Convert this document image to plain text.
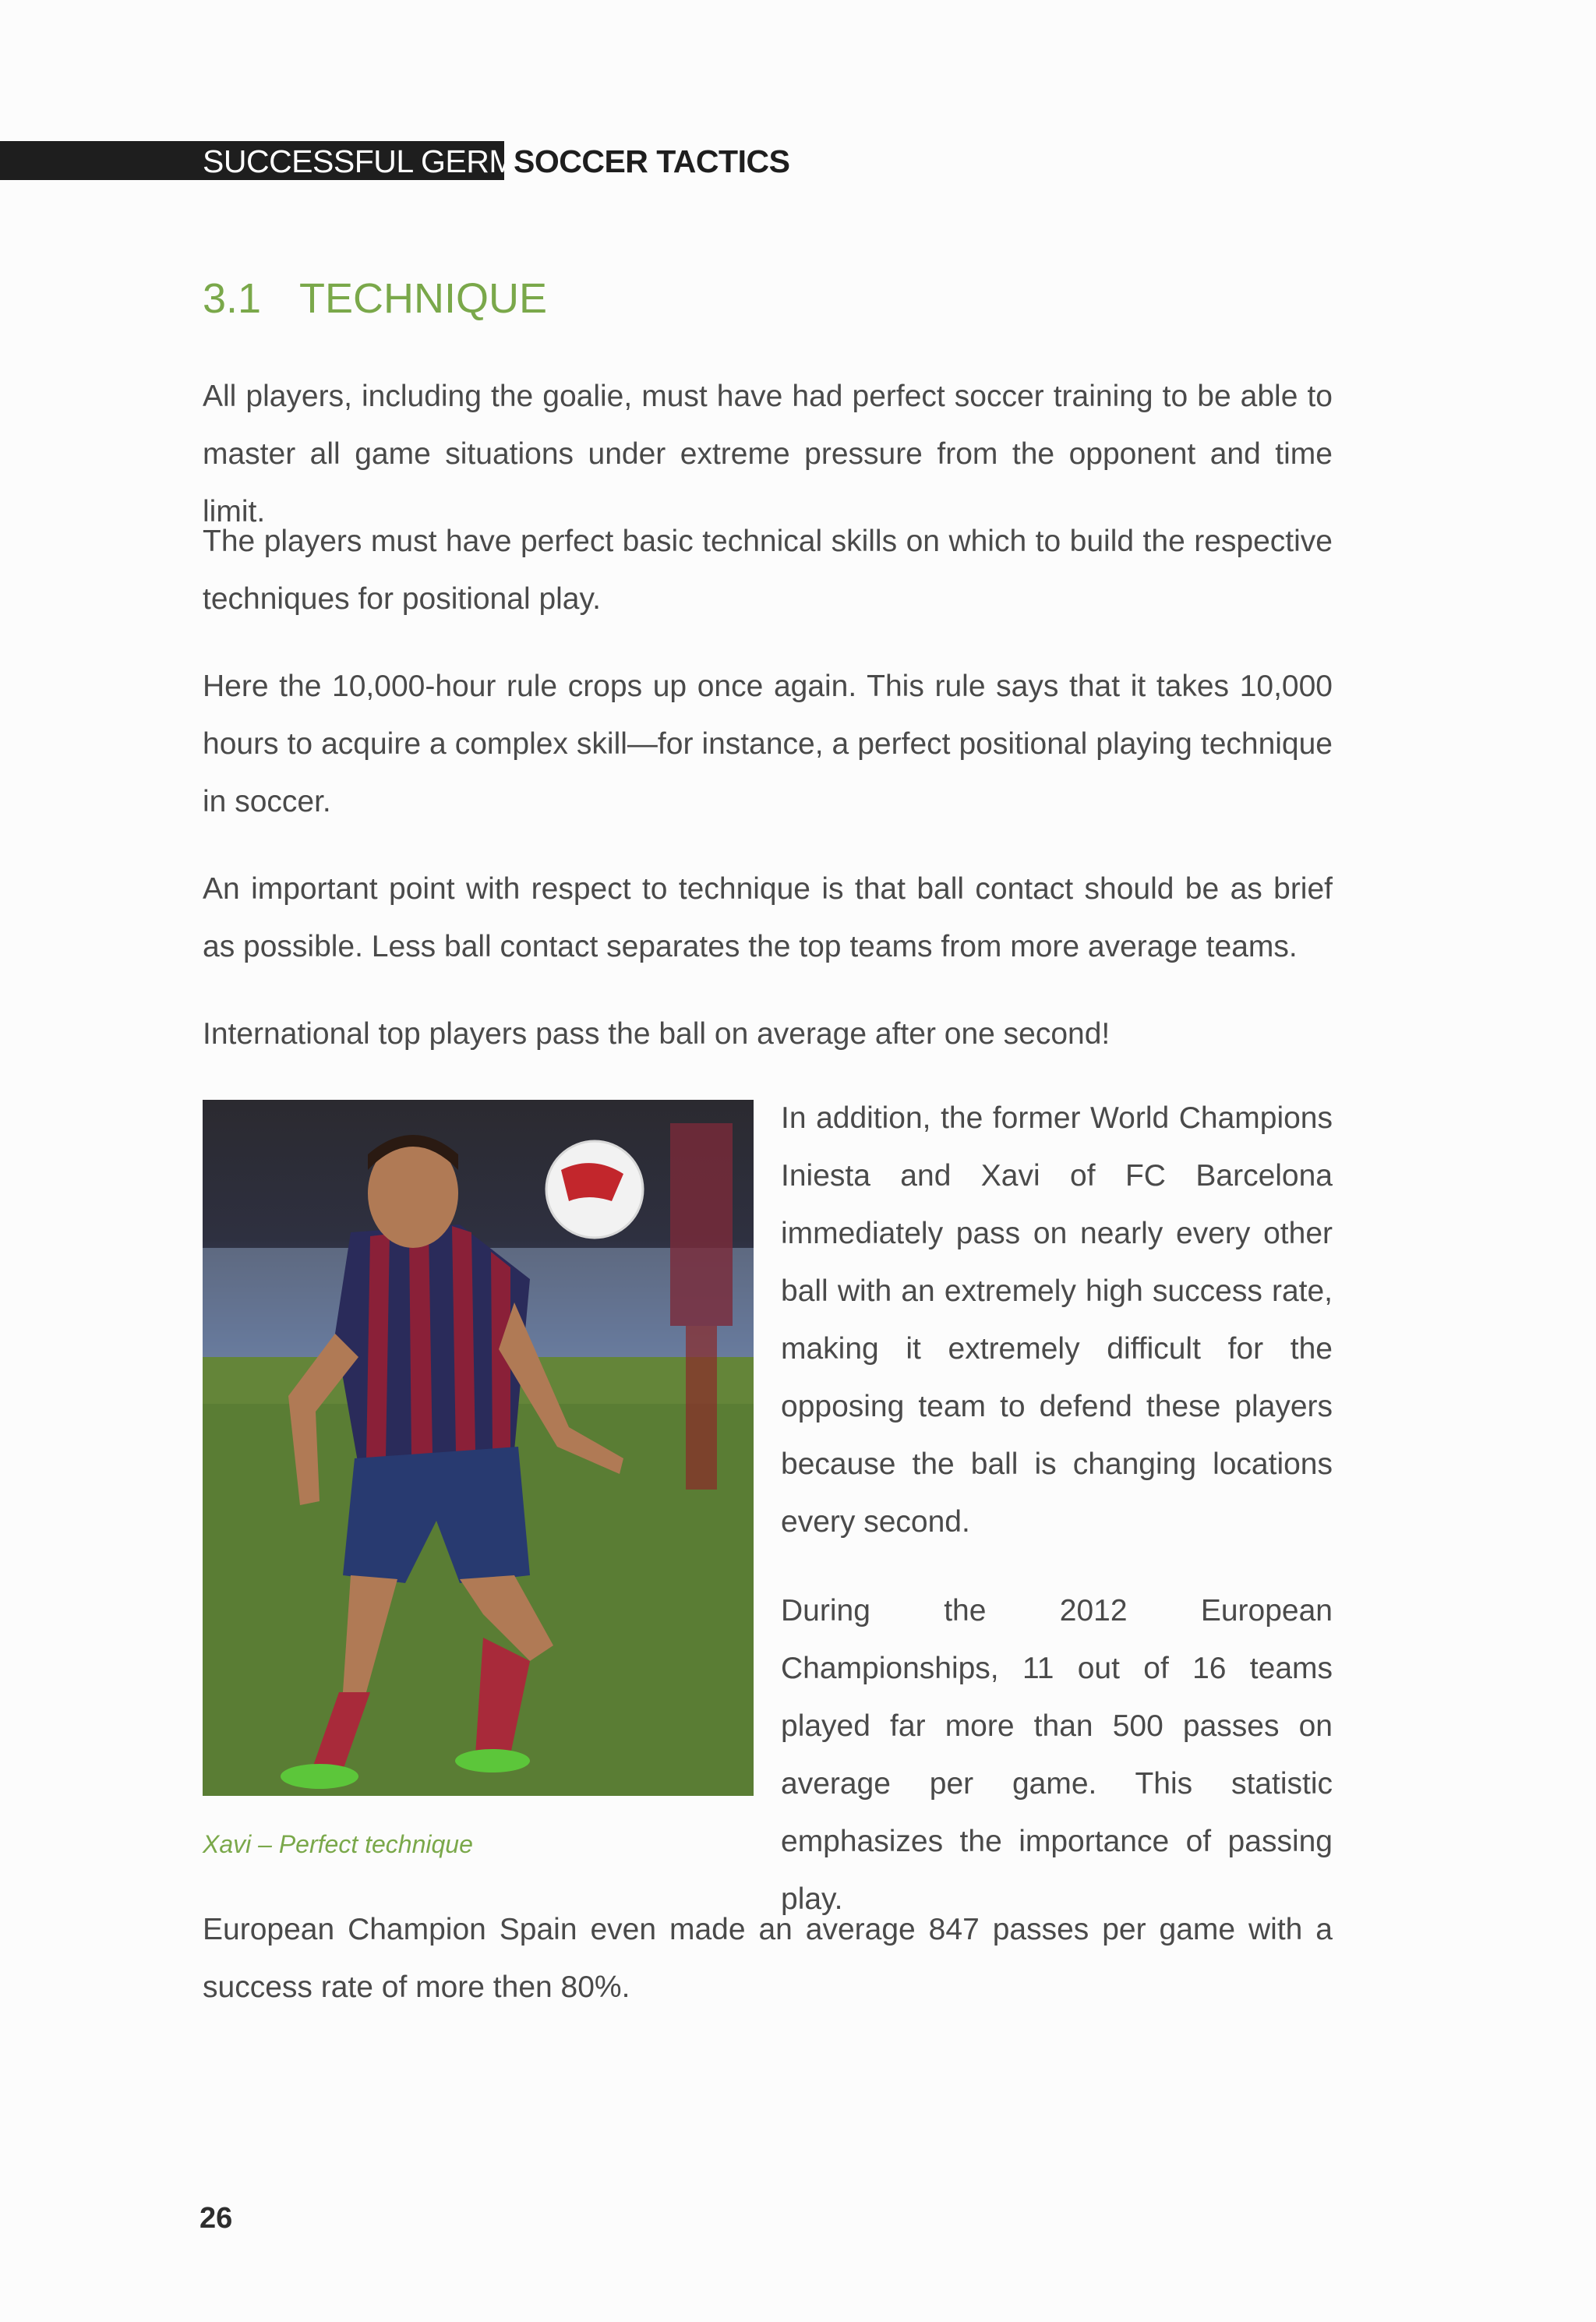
SUCCESSFUL GERMAN
SOCCER TACTICS
3.1 TECHNIQUE

All players, including the goalie, must have had perfect soccer training to be able to master all game situations under extreme pressure from the opponent and time limit.

The players must have perfect basic technical skills on which to build the respective techniques for positional play.

Here the 10,000-hour rule crops up once again. This rule says that it takes 10,000 hours to acquire a complex skill—for instance, a perfect positional playing technique in soccer.

An important point with respect to technique is that ball contact should be as brief as possible. Less ball contact separates the top teams from more average teams.

International top players pass the ball on average after one second!

Xavi – Perfect technique

In addition, the former World Champions Iniesta and Xavi of FC Barcelona immediately pass on nearly every other ball with an extremely high success rate, making it extremely difficult for the opposing team to defend these players because the ball is changing locations every second.

During the 2012 European Championships, 11 out of 16 teams played far more than 500 passes on average per game. This statistic emphasizes the importance of passing play.

European Champion Spain even made an average 847 passes per game with a success rate of more then 80%.

26
